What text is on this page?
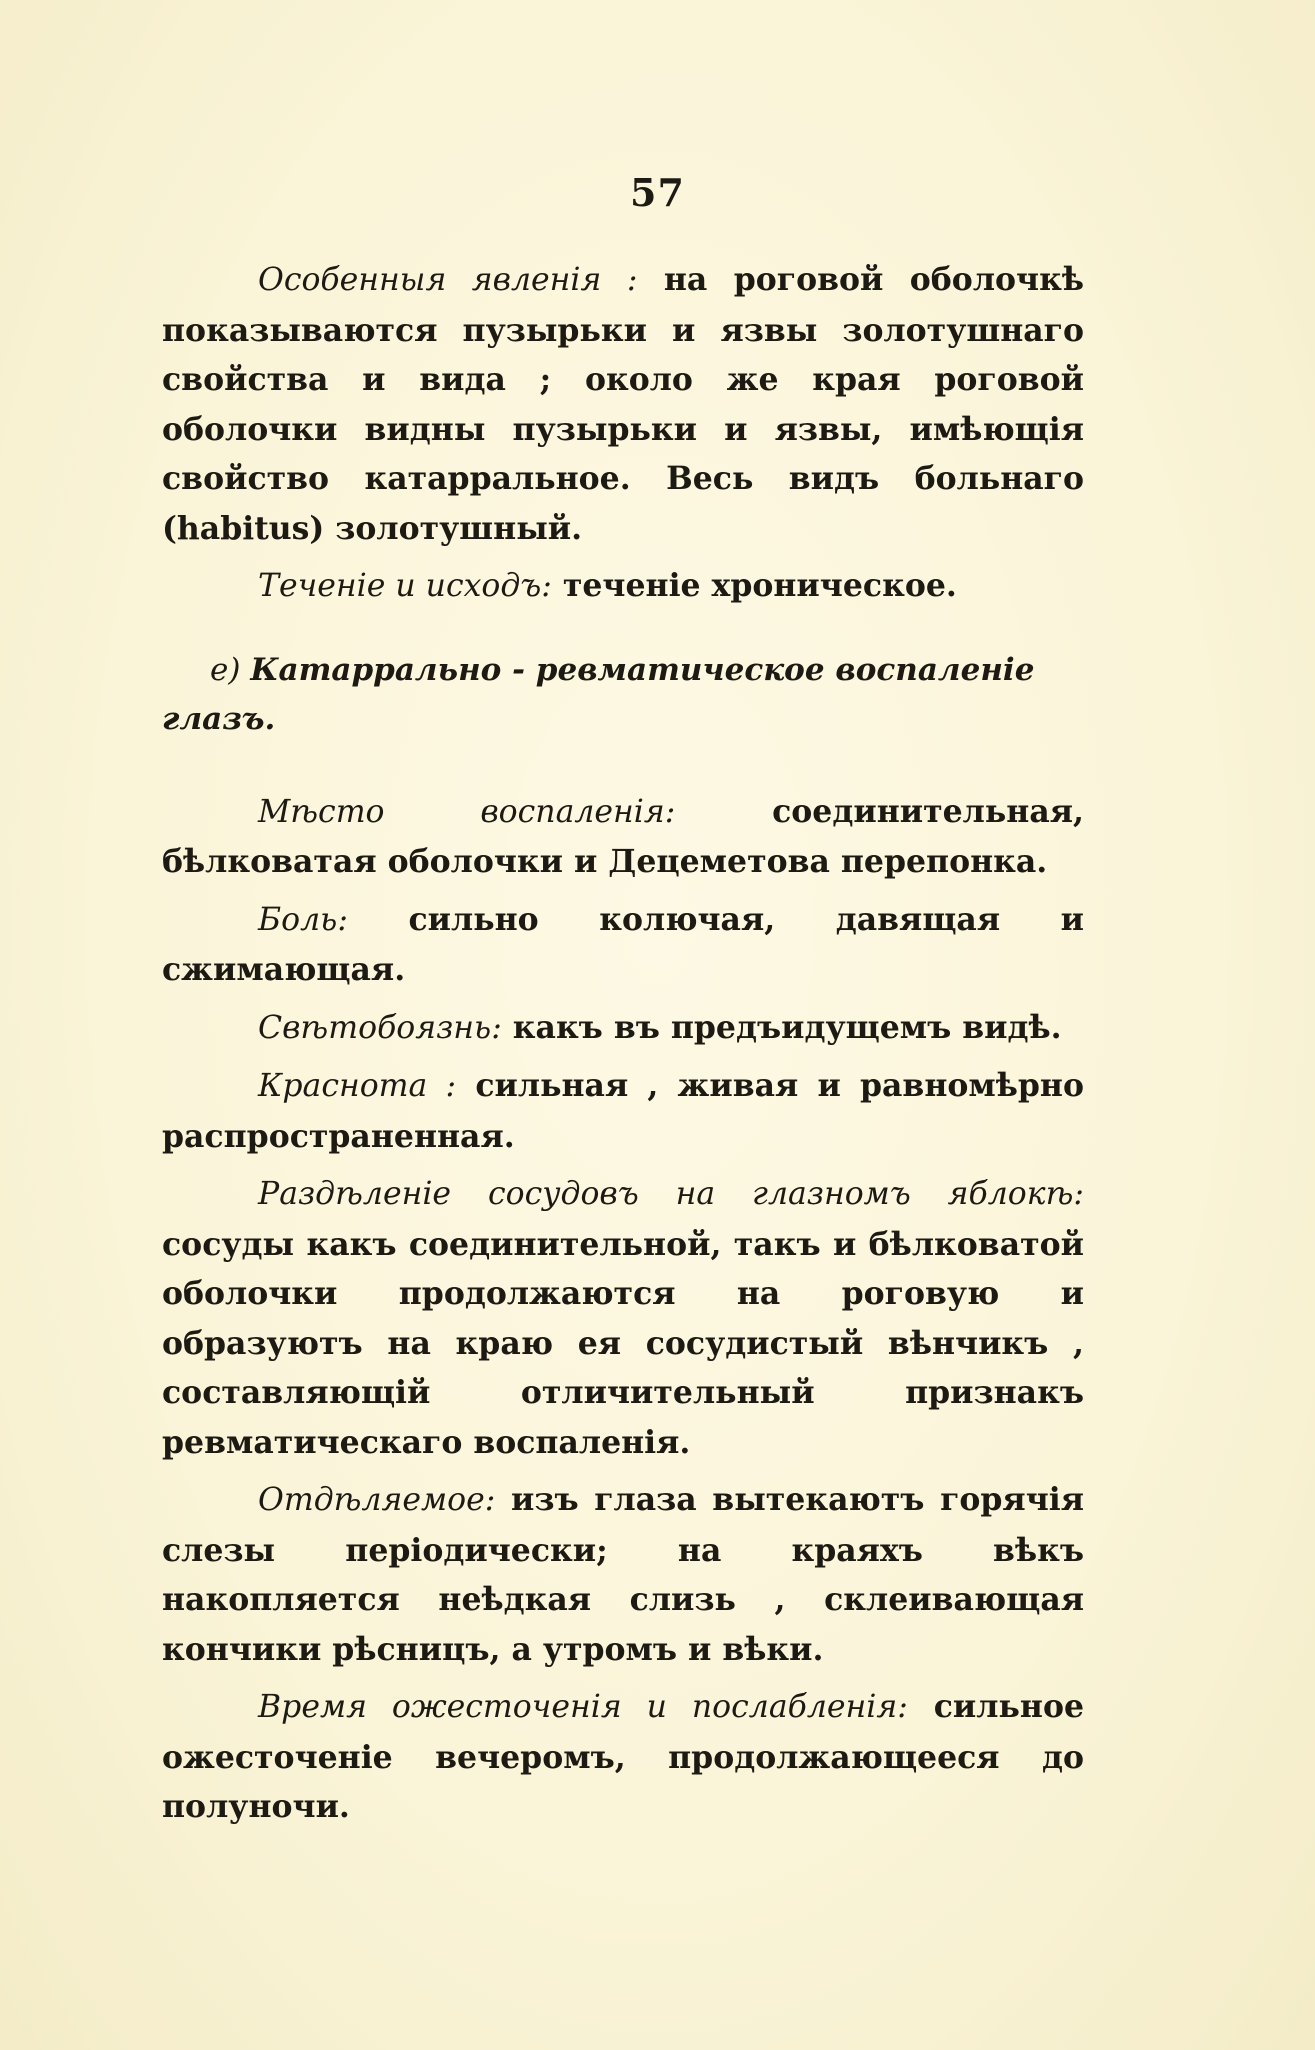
57

Особенныя явленія : на роговой оболочкѣ показываются пузырьки и язвы золотушнаго свойства и вида ; около же края роговой оболочки видны пузырьки и язвы, имѣющія свойство катарральное. Весь видъ больнаго (habitus) золотушный.

Теченіе и исходъ: теченіе хроническое.

е) Катаррально - ревматическое воспаленіе глазъ.

Мѣсто воспаленія: соединительная, бѣлковатая оболочки и Децеметова перепонка.

Боль: сильно колючая, давящая и сжимающая.

Свѣтобоязнь: какъ въ предъидущемъ видѣ.

Краснота : сильная , живая и равномѣрно распространенная.

Раздѣленіе сосудовъ на глазномъ яблокѣ: сосуды какъ соединительной, такъ и бѣлковатой оболочки продолжаются на роговую и образуютъ на краю ея сосудистый вѣнчикъ , составляющій отличительный признакъ ревматическаго воспаленія.

Отдѣляемое: изъ глаза вытекаютъ горячія слезы періодически; на краяхъ вѣкъ накопляется неѣдкая слизь , склеивающая кончики рѣсницъ, а утромъ и вѣки.

Время ожесточенія и послабленія: сильное ожесточеніе вечеромъ, продолжающееся до полуночи.
